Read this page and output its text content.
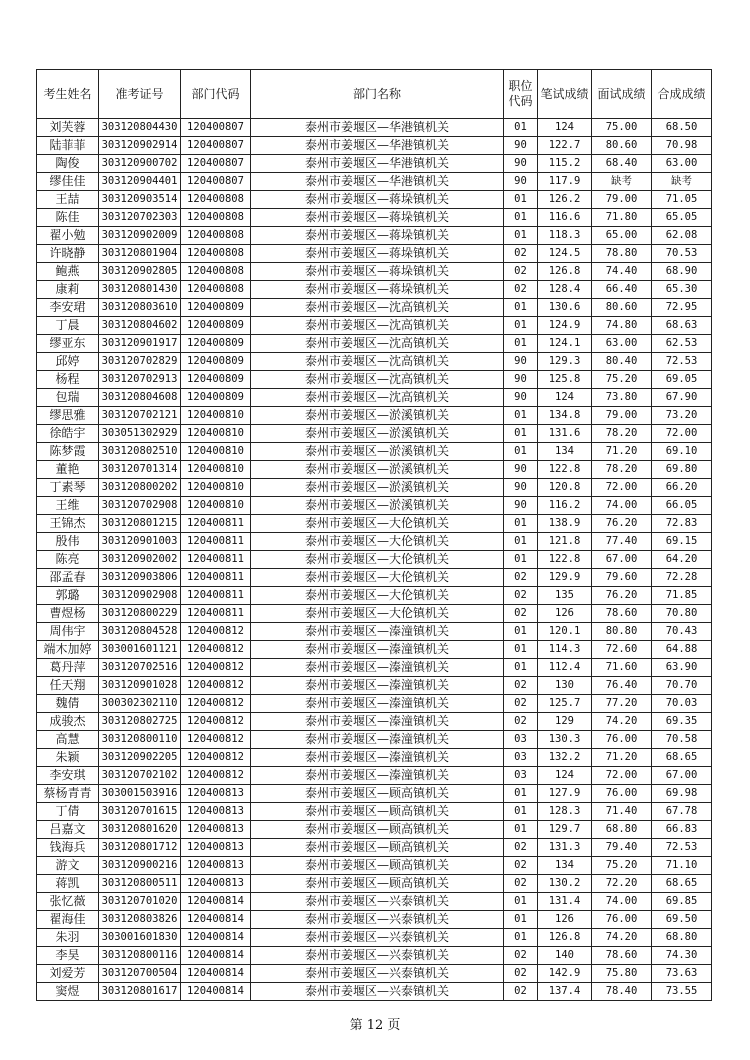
考生姓名	准考证号	部门代码	部门名称	职位代码	笔试成绩	面试成绩	合成成绩
刘芙蓉	303120804430	120400807	泰州市姜堰区—华港镇机关	01	124	75.00	68.50
陆菲菲	303120902914	120400807	泰州市姜堰区—华港镇机关	90	122.7	80.60	70.98
陶俊	303120900702	120400807	泰州市姜堰区—华港镇机关	90	115.2	68.40	63.00
缪佳佳	303120904401	120400807	泰州市姜堰区—华港镇机关	90	117.9	缺考	缺考
王喆	303120903514	120400808	泰州市姜堰区—蒋垛镇机关	01	126.2	79.00	71.05
陈佳	303120702303	120400808	泰州市姜堰区—蒋垛镇机关	01	116.6	71.80	65.05
翟小勉	303120902009	120400808	泰州市姜堰区—蒋垛镇机关	01	118.3	65.00	62.08
许晓静	303120801904	120400808	泰州市姜堰区—蒋垛镇机关	02	124.5	78.80	70.53
鲍燕	303120902805	120400808	泰州市姜堰区—蒋垛镇机关	02	126.8	74.40	68.90
康莉	303120801430	120400808	泰州市姜堰区—蒋垛镇机关	02	128.4	66.40	65.30
李安珺	303120803610	120400809	泰州市姜堰区—沈高镇机关	01	130.6	80.60	72.95
丁晨	303120804602	120400809	泰州市姜堰区—沈高镇机关	01	124.9	74.80	68.63
缪亚东	303120901917	120400809	泰州市姜堰区—沈高镇机关	01	124.1	63.00	62.53
邱婷	303120702829	120400809	泰州市姜堰区—沈高镇机关	90	129.3	80.40	72.53
杨程	303120702913	120400809	泰州市姜堰区—沈高镇机关	90	125.8	75.20	69.05
包瑞	303120804608	120400809	泰州市姜堰区—沈高镇机关	90	124	73.80	67.90
缪思雅	303120702121	120400810	泰州市姜堰区—淤溪镇机关	01	134.8	79.00	73.20
徐皓宇	303051302929	120400810	泰州市姜堰区—淤溪镇机关	01	131.6	78.20	72.00
陈梦霞	303120802510	120400810	泰州市姜堰区—淤溪镇机关	01	134	71.20	69.10
董艳	303120701314	120400810	泰州市姜堰区—淤溪镇机关	90	122.8	78.20	69.80
丁素琴	303120800202	120400810	泰州市姜堰区—淤溪镇机关	90	120.8	72.00	66.20
王维	303120702908	120400810	泰州市姜堰区—淤溪镇机关	90	116.2	74.00	66.05
王锦杰	303120801215	120400811	泰州市姜堰区—大伦镇机关	01	138.9	76.20	72.83
殷伟	303120901003	120400811	泰州市姜堰区—大伦镇机关	01	121.8	77.40	69.15
陈亮	303120902002	120400811	泰州市姜堰区—大伦镇机关	01	122.8	67.00	64.20
邵孟春	303120903806	120400811	泰州市姜堰区—大伦镇机关	02	129.9	79.60	72.28
郭璐	303120902908	120400811	泰州市姜堰区—大伦镇机关	02	135	76.20	71.85
曹煜杨	303120800229	120400811	泰州市姜堰区—大伦镇机关	02	126	78.60	70.80
周伟宇	303120804528	120400812	泰州市姜堰区—溱潼镇机关	01	120.1	80.80	70.43
端木加婷	303001601121	120400812	泰州市姜堰区—溱潼镇机关	01	114.3	72.60	64.88
葛丹萍	303120702516	120400812	泰州市姜堰区—溱潼镇机关	01	112.4	71.60	63.90
任天翔	303120901028	120400812	泰州市姜堰区—溱潼镇机关	02	130	76.40	70.70
魏倩	300302302110	120400812	泰州市姜堰区—溱潼镇机关	02	125.7	77.20	70.03
成骏杰	303120802725	120400812	泰州市姜堰区—溱潼镇机关	02	129	74.20	69.35
高慧	303120800110	120400812	泰州市姜堰区—溱潼镇机关	03	130.3	76.00	70.58
朱颖	303120902205	120400812	泰州市姜堰区—溱潼镇机关	03	132.2	71.20	68.65
李安琪	303120702102	120400812	泰州市姜堰区—溱潼镇机关	03	124	72.00	67.00
蔡杨青青	303001503916	120400813	泰州市姜堰区—顾高镇机关	01	127.9	76.00	69.98
丁倩	303120701615	120400813	泰州市姜堰区—顾高镇机关	01	128.3	71.40	67.78
吕嘉文	303120801620	120400813	泰州市姜堰区—顾高镇机关	01	129.7	68.80	66.83
钱海兵	303120801712	120400813	泰州市姜堰区—顾高镇机关	02	131.3	79.40	72.53
游文	303120900216	120400813	泰州市姜堰区—顾高镇机关	02	134	75.20	71.10
蒋凯	303120800511	120400813	泰州市姜堰区—顾高镇机关	02	130.2	72.20	68.65
张忆薇	303120701020	120400814	泰州市姜堰区—兴泰镇机关	01	131.4	74.00	69.85
翟海佳	303120803826	120400814	泰州市姜堰区—兴泰镇机关	01	126	76.00	69.50
朱羽	303001601830	120400814	泰州市姜堰区—兴泰镇机关	01	126.8	74.20	68.80
李昊	303120800116	120400814	泰州市姜堰区—兴泰镇机关	02	140	78.60	74.30
刘爱芳	303120700504	120400814	泰州市姜堰区—兴泰镇机关	02	142.9	75.80	73.63
窦煜	303120801617	120400814	泰州市姜堰区—兴泰镇机关	02	137.4	78.40	73.55
第 12 页
